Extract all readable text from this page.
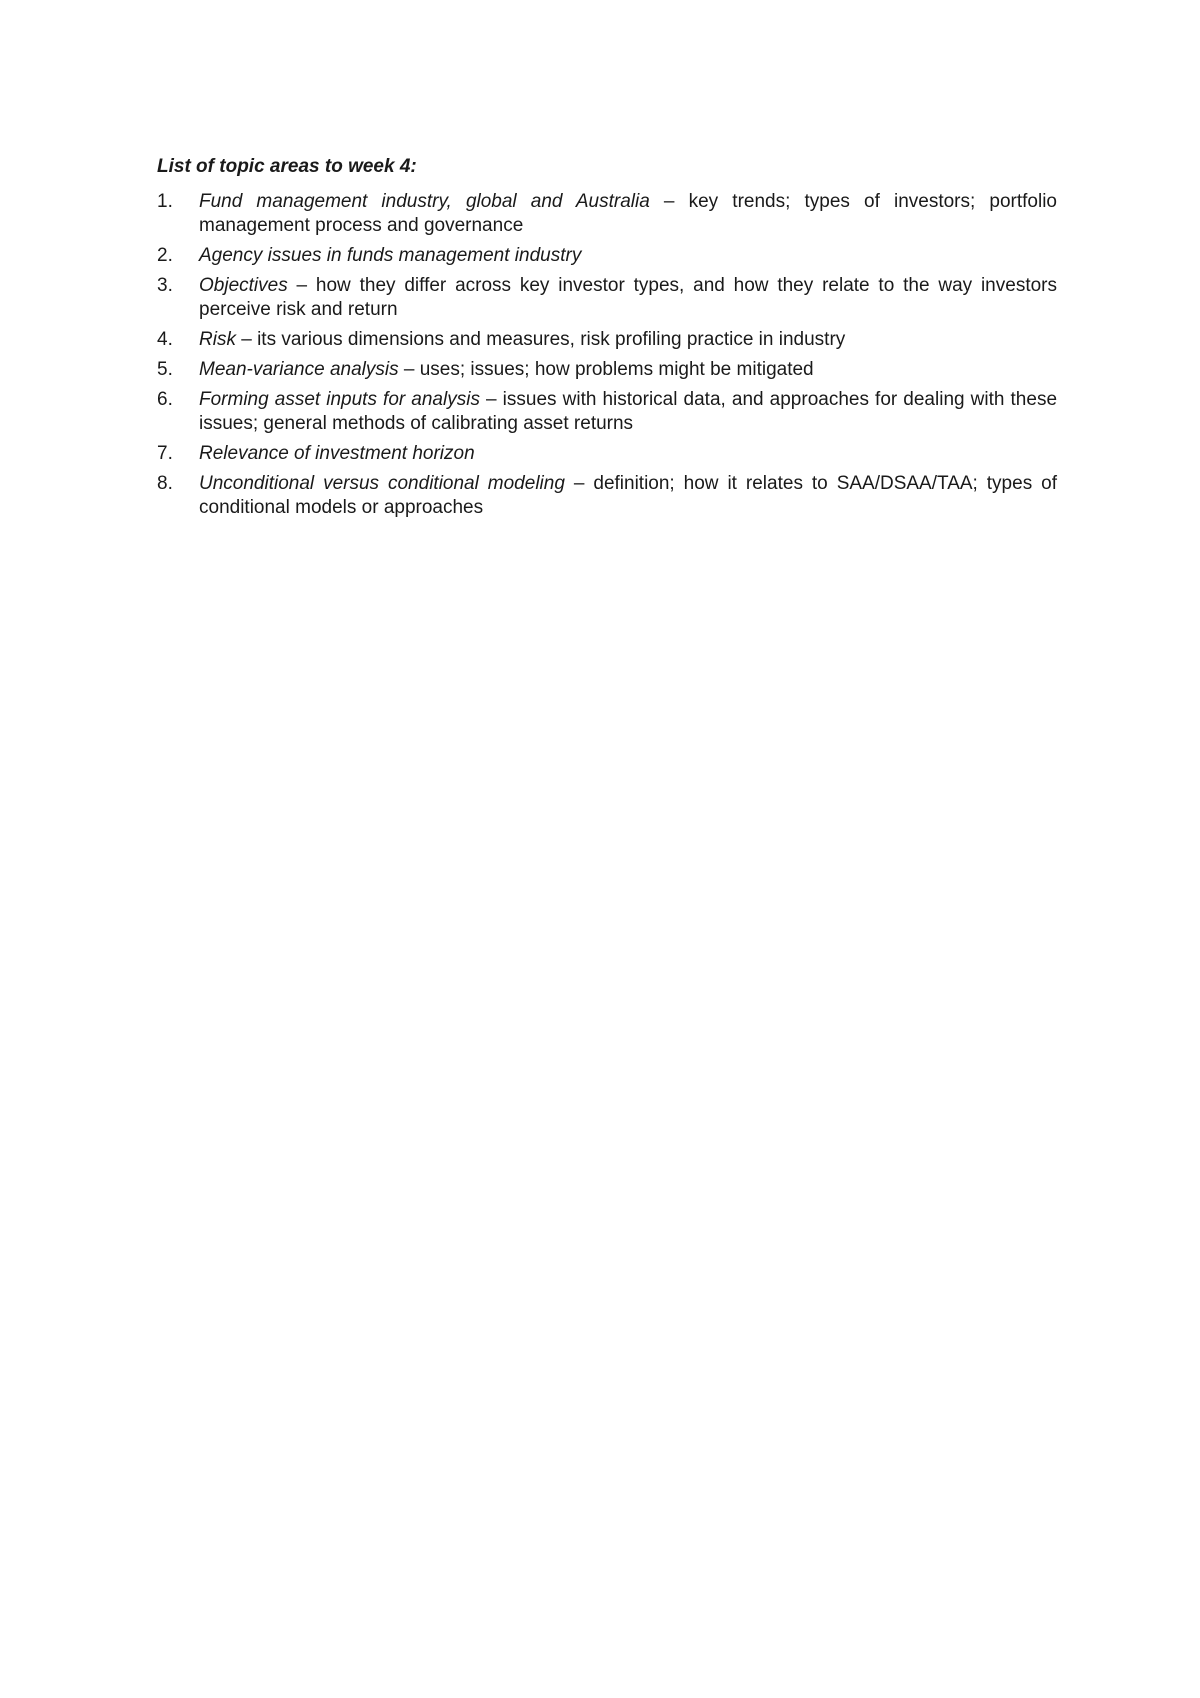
List of topic areas to week 4:
1.	Fund management industry, global and Australia – key trends; types of investors; portfolio management process and governance
2.	Agency issues in funds management industry
3.	Objectives – how they differ across key investor types, and how they relate to the way investors perceive risk and return
4.	Risk – its various dimensions and measures, risk profiling practice in industry
5.	Mean-variance analysis – uses; issues; how problems might be mitigated
6.	Forming asset inputs for analysis – issues with historical data, and approaches for dealing with these issues; general methods of calibrating asset returns
7.	Relevance of investment horizon
8.	Unconditional versus conditional modeling – definition; how it relates to SAA/DSAA/TAA; types of conditional models or approaches
